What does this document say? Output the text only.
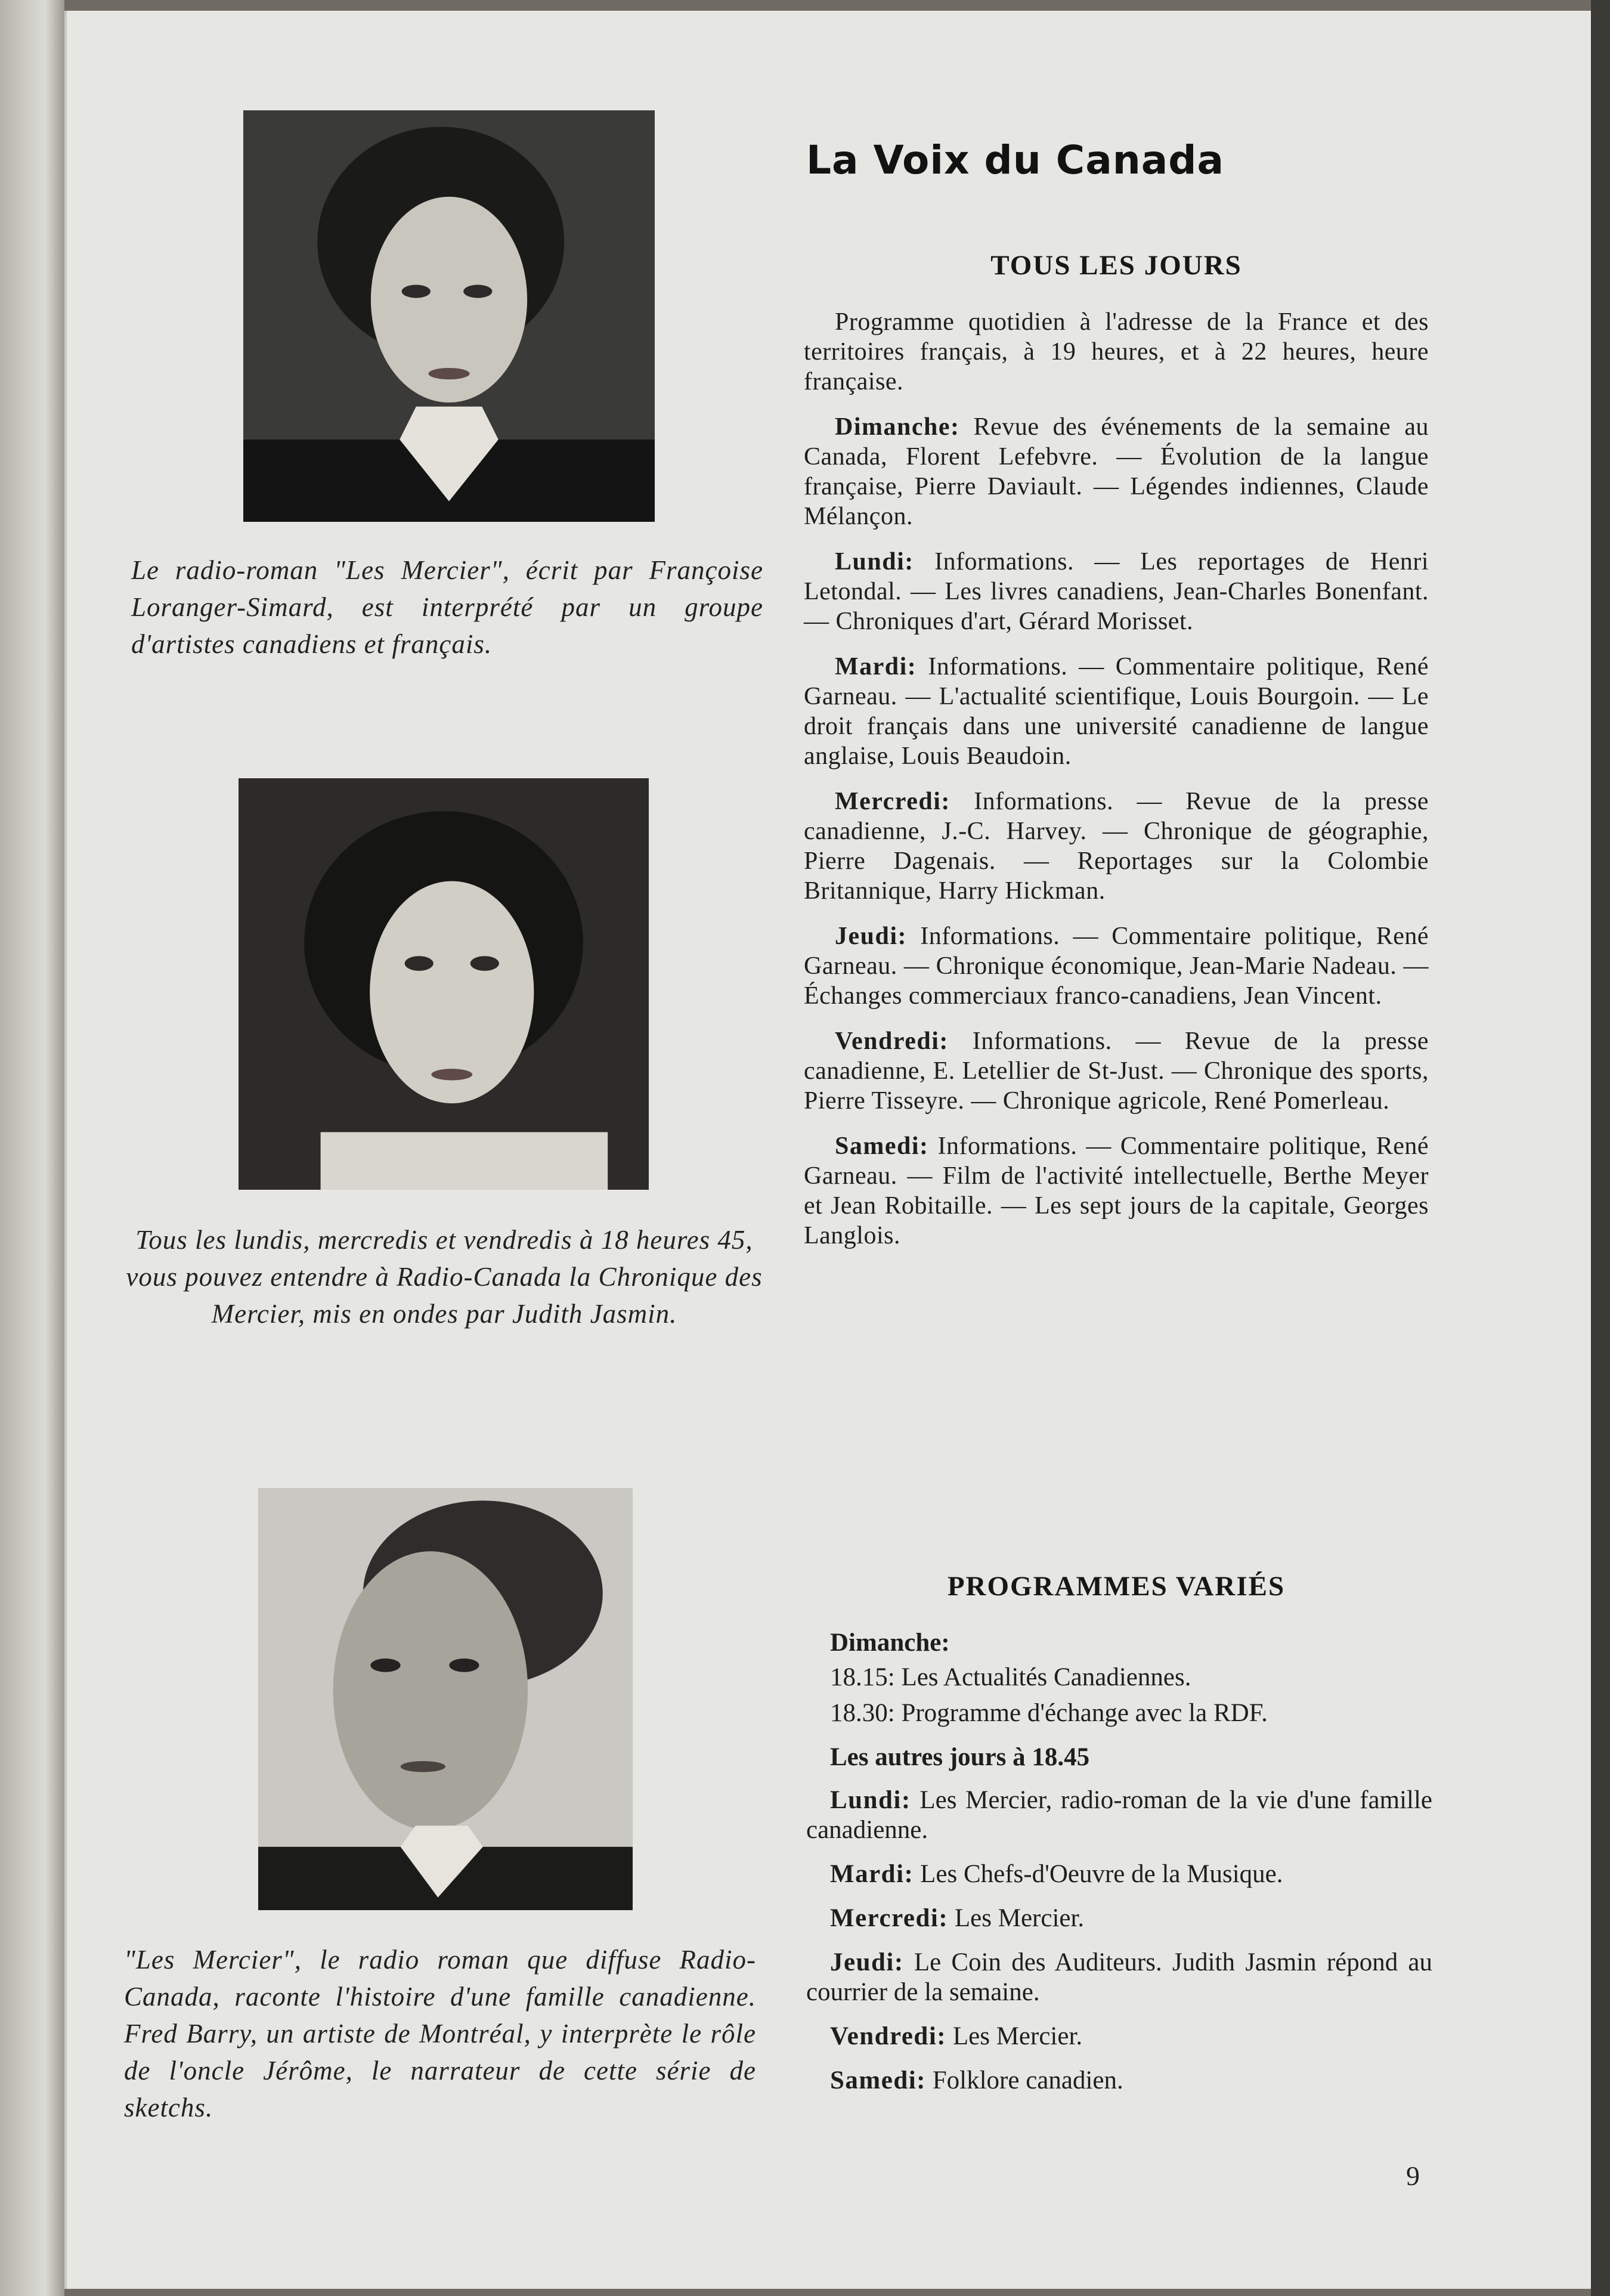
Le radio-roman "Les Mercier", écrit par Françoise Loranger-Simard, est interprété par un groupe d'artistes canadiens et français.
Tous les lundis, mercredis et vendredis à 18 heures 45, vous pouvez entendre à Radio-Canada la Chronique des Mercier, mis en ondes par Judith Jasmin.
"Les Mercier", le radio roman que diffuse Radio-Canada, raconte l'histoire d'une famille canadienne. Fred Barry, un artiste de Montréal, y interprète le rôle de l'oncle Jérôme, le narrateur de cette série de sketchs.
La Voix du Canada
TOUS LES JOURS

Programme quotidien à l'adresse de la France et des territoires français, à 19 heures, et à 22 heures, heure française.

Dimanche: Revue des événements de la semaine au Canada, Florent Lefebvre. — Évolution de la langue française, Pierre Daviault. — Légendes indiennes, Claude Mélançon.

Lundi: Informations. — Les reportages de Henri Letondal. — Les livres canadiens, Jean-Charles Bonenfant. — Chroniques d'art, Gérard Morisset.

Mardi: Informations. — Commentaire politique, René Garneau. — L'actualité scientifique, Louis Bourgoin. — Le droit français dans une université canadienne de langue anglaise, Louis Beaudoin.

Mercredi: Informations. — Revue de la presse canadienne, J.-C. Harvey. — Chronique de géographie, Pierre Dagenais. — Reportages sur la Colombie Britannique, Harry Hickman.

Jeudi: Informations. — Commentaire politique, René Garneau. — Chronique économique, Jean-Marie Nadeau. — Échanges commerciaux franco-canadiens, Jean Vincent.

Vendredi: Informations. — Revue de la presse canadienne, E. Letellier de St-Just. — Chronique des sports, Pierre Tisseyre. — Chronique agricole, René Pomerleau.

Samedi: Informations. — Commentaire politique, René Garneau. — Film de l'activité intellectuelle, Berthe Meyer et Jean Robitaille. — Les sept jours de la capitale, Georges Langlois.

PROGRAMMES VARIÉS
Dimanche:
18.15: Les Actualités Canadiennes.
18.30: Programme d'échange avec la RDF.
Les autres jours à 18.45
Lundi: Les Mercier, radio-roman de la vie d'une famille canadienne.
Mardi: Les Chefs-d'Oeuvre de la Musique.
Mercredi: Les Mercier.
Jeudi: Le Coin des Auditeurs. Judith Jasmin répond au courrier de la semaine.
Vendredi: Les Mercier.
Samedi: Folklore canadien.
9
